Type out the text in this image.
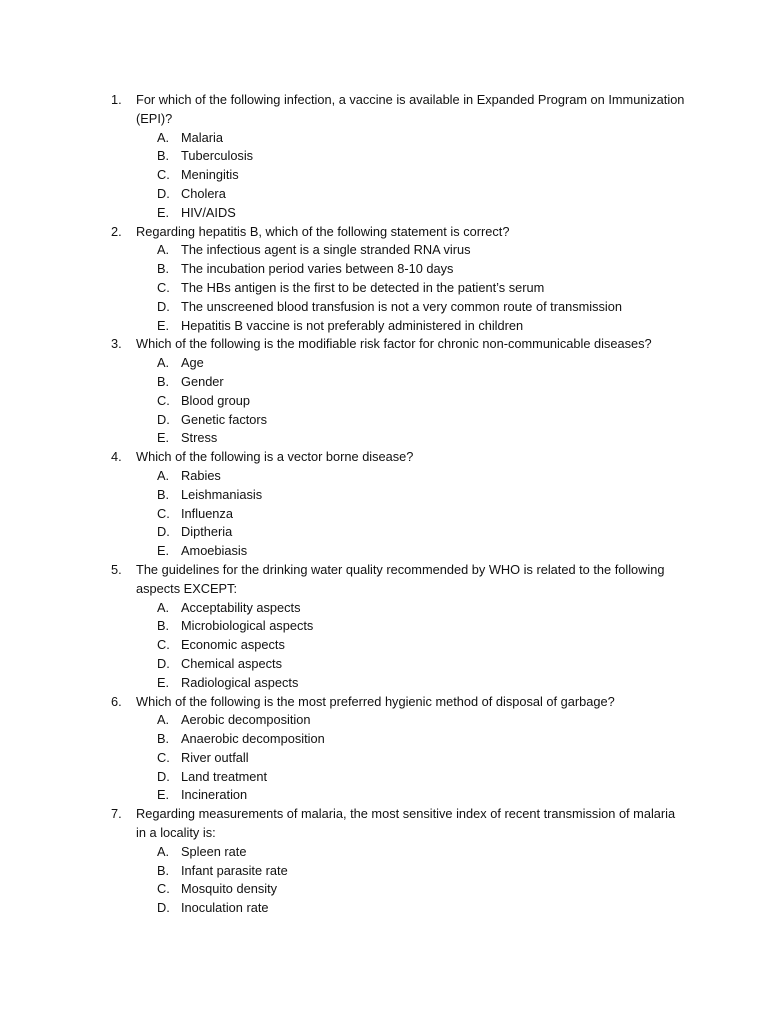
1. For which of the following infection, a vaccine is available in Expanded Program on Immunization (EPI)?
A. Malaria
B. Tuberculosis
C. Meningitis
D. Cholera
E. HIV/AIDS
2. Regarding hepatitis B, which of the following statement is correct?
A. The infectious agent is a single stranded RNA virus
B. The incubation period varies between 8-10 days
C. The HBs antigen is the first to be detected in the patient’s serum
D. The unscreened blood transfusion is not a very common route of transmission
E. Hepatitis B vaccine is not preferably administered in children
3. Which of the following is the modifiable risk factor for chronic non-communicable diseases?
A. Age
B. Gender
C. Blood group
D. Genetic factors
E. Stress
4. Which of the following is a vector borne disease?
A. Rabies
B. Leishmaniasis
C. Influenza
D. Diptheria
E. Amoebiasis
5. The guidelines for the drinking water quality recommended by WHO is related to the following aspects EXCEPT:
A. Acceptability aspects
B. Microbiological aspects
C. Economic aspects
D. Chemical aspects
E. Radiological aspects
6. Which of the following is the most preferred hygienic method of disposal of garbage?
A. Aerobic decomposition
B. Anaerobic decomposition
C. River outfall
D. Land treatment
E. Incineration
7. Regarding measurements of malaria, the most sensitive index of recent transmission of malaria in a locality is:
A. Spleen rate
B. Infant parasite rate
C. Mosquito density
D. Inoculation rate
